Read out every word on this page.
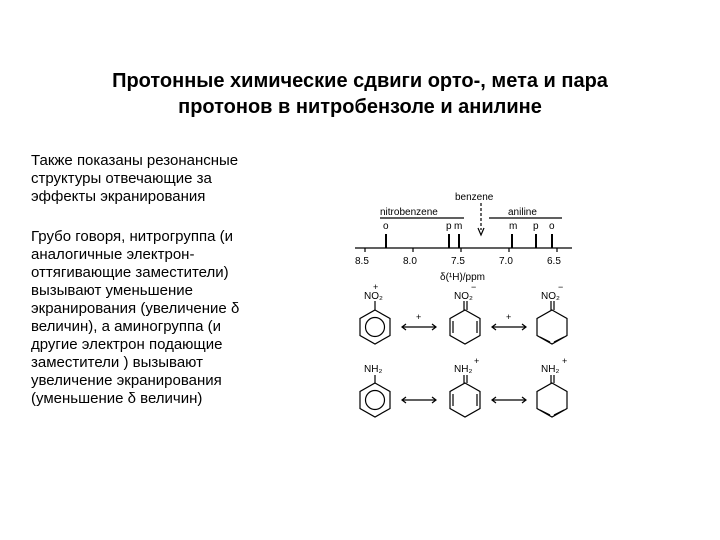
Протонные химические сдвиги орто-, мета и пара
протонов в нитробензоле и анилине
Также показаны резонансные
структуры отвечающие за
эффекты экранирования
Грубо говоря, нитрогруппа (и
аналогичные электрон-
оттягивающие заместители)
вызывают уменьшение
экранирования (увеличение δ
величин), а аминогруппа (и
другие электрон подающие
заместители ) вызывают
увеличение экранирования
(уменьшение δ величин)
benzene
nitrobenzene	aniline
o	p m	m p o
8.5	8.0	7.5	7.0	6.5
δ(¹H)/ppm
NO₂
+
+
NO₂
−
+
NO₂
−
NH₂	NH₂
+
NH₂
+
